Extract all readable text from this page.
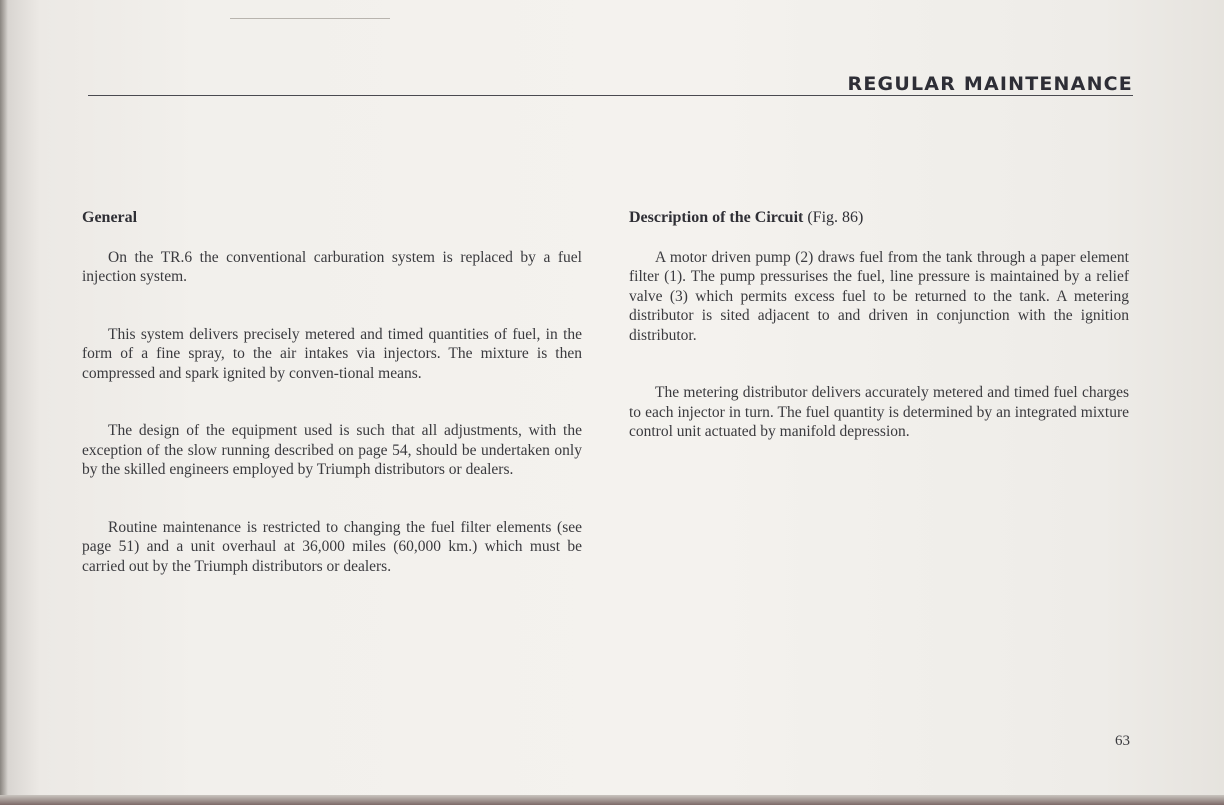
REGULAR MAINTENANCE
General

On the TR.6 the conventional carburation system is replaced by a fuel injection system.

This system delivers precisely metered and timed quantities of fuel, in the form of a fine spray, to the air intakes via injectors. The mixture is then compressed and spark ignited by conven-tional means.

The design of the equipment used is such that all adjustments, with the exception of the slow running described on page 54, should be undertaken only by the skilled engineers employed by Triumph distributors or dealers.

Routine maintenance is restricted to changing the fuel filter elements (see page 51) and a unit overhaul at 36,000 miles (60,000 km.) which must be carried out by the Triumph distributors or dealers.

Description of the Circuit (Fig. 86)

A motor driven pump (2) draws fuel from the tank through a paper element filter (1). The pump pressurises the fuel, line pressure is maintained by a relief valve (3) which permits excess fuel to be returned to the tank. A metering distributor is sited adjacent to and driven in conjunction with the ignition distributor.

The metering distributor delivers accurately metered and timed fuel charges to each injector in turn. The fuel quantity is determined by an integrated mixture control unit actuated by manifold depression.

63
